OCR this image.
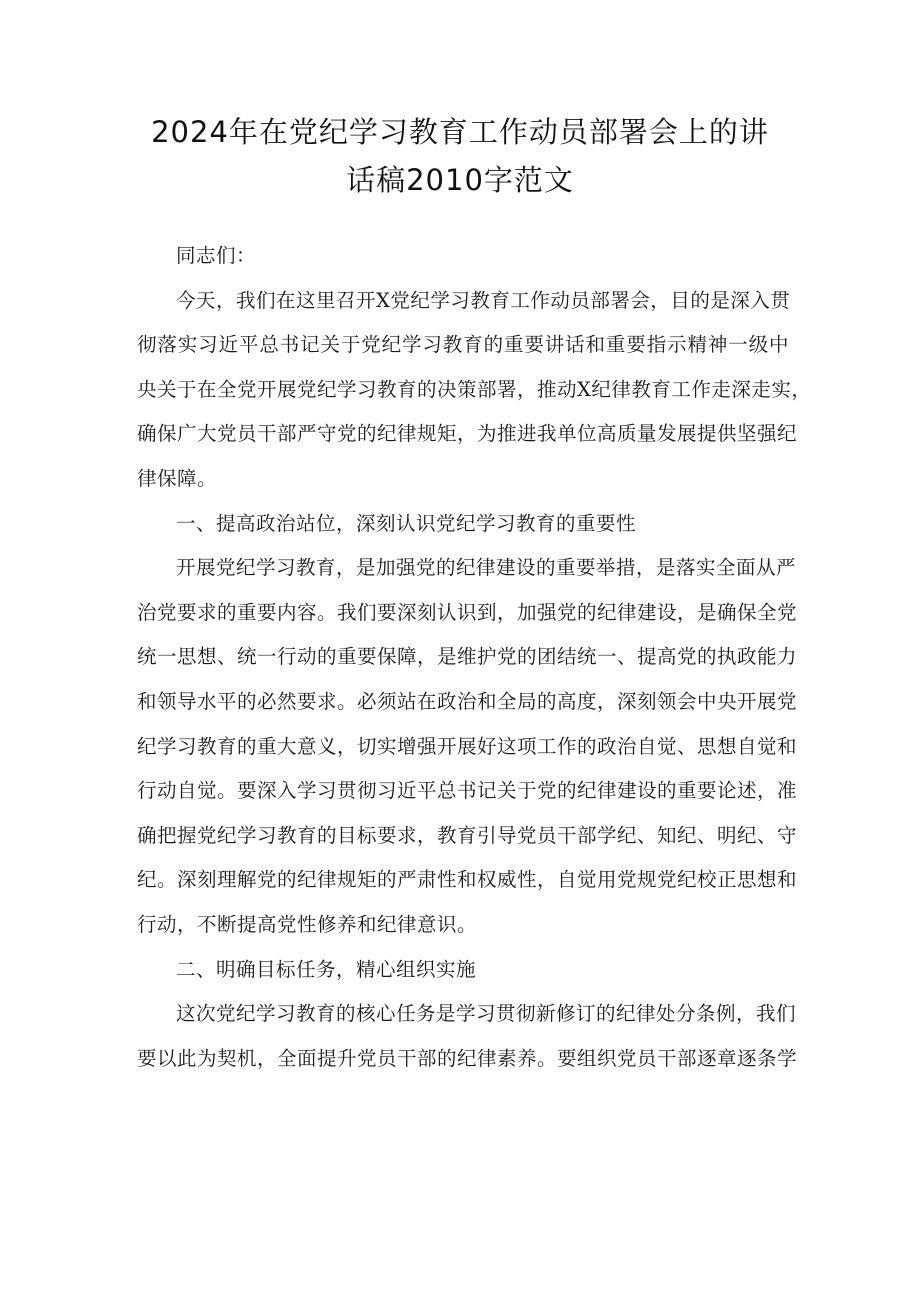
2024年在党纪学习教育工作动员部署会上的讲
话稿2010字范文

同志们：

今天，我们在这里召开X党纪学习教育工作动员部署会，目的是深入贯
彻落实习近平总书记关于党纪学习教育的重要讲话和重要指示精神一级中
央关于在全党开展党纪学习教育的决策部署，推动X纪律教育工作走深走实，
确保广大党员干部严守党的纪律规矩，为推进我单位高质量发展提供坚强纪
律保障。

一、提高政治站位，深刻认识党纪学习教育的重要性

开展党纪学习教育，是加强党的纪律建设的重要举措，是落实全面从严
治党要求的重要内容。我们要深刻认识到，加强党的纪律建设，是确保全党
统一思想、统一行动的重要保障，是维护党的团结统一、提高党的执政能力
和领导水平的必然要求。必须站在政治和全局的高度，深刻领会中央开展党
纪学习教育的重大意义，切实增强开展好这项工作的政治自觉、思想自觉和
行动自觉。要深入学习贯彻习近平总书记关于党的纪律建设的重要论述，准
确把握党纪学习教育的目标要求，教育引导党员干部学纪、知纪、明纪、守
纪。深刻理解党的纪律规矩的严肃性和权威性，自觉用党规党纪校正思想和
行动，不断提高党性修养和纪律意识。

二、明确目标任务，精心组织实施

这次党纪学习教育的核心任务是学习贯彻新修订的纪律处分条例，我们
要以此为契机，全面提升党员干部的纪律素养。要组织党员干部逐章逐条学
